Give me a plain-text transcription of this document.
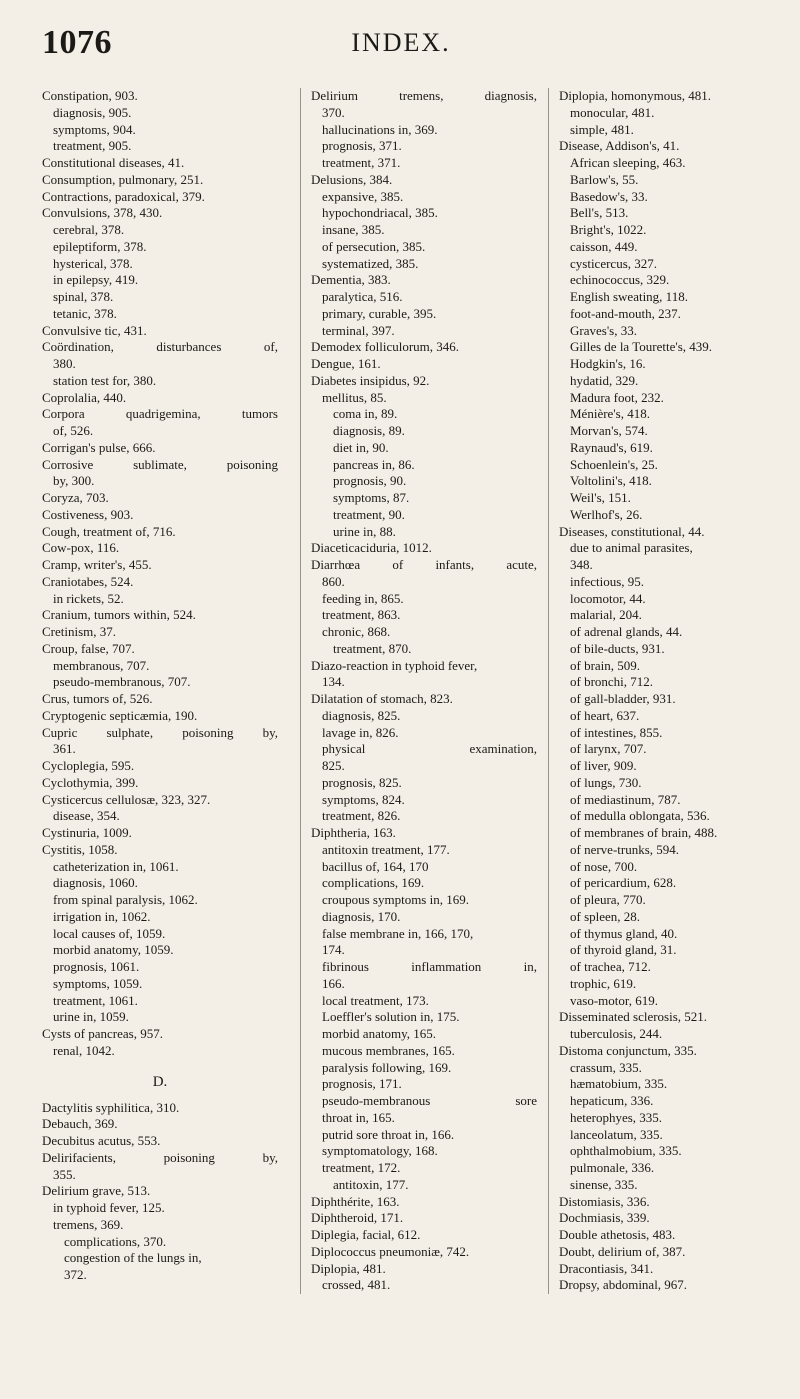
1076	INDEX.
Constipation, 903.
diagnosis, 905.
symptoms, 904.
treatment, 905.
Constitutional diseases, 41.
Consumption, pulmonary, 251.
Contractions, paradoxical, 379.
Convulsions, 378, 430.
cerebral, 378.
epileptiform, 378.
hysterical, 378.
in epilepsy, 419.
spinal, 378.
tetanic, 378.
Convulsive tic, 431.
Coördination,	disturbances	of,
380.
station test for, 380.
Coprolalia, 440.
Corpora	quadrigemina,	tumors
of, 526.
Corrigan's pulse, 666.
Corrosive	sublimate,	poisoning
by, 300.
Coryza, 703.
Costiveness, 903.
Cough, treatment of, 716.
Cow-pox, 116.
Cramp, writer's, 455.
Craniotabes, 524.
in rickets, 52.
Cranium, tumors within, 524.
Cretinism, 37.
Croup, false, 707.
membranous, 707.
pseudo-membranous, 707.
Crus, tumors of, 526.
Cryptogenic septicæmia, 190.
Cupric sulphate, poisoning by,
361.
Cycloplegia, 595.
Cyclothymia, 399.
Cysticercus cellulosæ, 323, 327.
disease, 354.
Cystinuria, 1009.
Cystitis, 1058.
catheterization in, 1061.
diagnosis, 1060.
from spinal paralysis, 1062.
irrigation in, 1062.
local causes of, 1059.
morbid anatomy, 1059.
prognosis, 1061.
symptoms, 1059.
treatment, 1061.
urine in, 1059.
Cysts of pancreas, 957.
renal, 1042.
D.
Dactylitis syphilitica, 310.
Debauch, 369.
Decubitus acutus, 553.
Delirifacients,	poisoning	by,
355.
Delirium grave, 513.
in typhoid fever, 125.
tremens, 369.
complications, 370.
congestion of the lungs in,
372.
Delirium	tremens,	diagnosis,
370.
hallucinations in, 369.
prognosis, 371.
treatment, 371.
Delusions, 384.
expansive, 385.
hypochondriacal, 385.
insane, 385.
of persecution, 385.
systematized, 385.
Dementia, 383.
paralytica, 516.
primary, curable, 395.
terminal, 397.
Demodex folliculorum, 346.
Dengue, 161.
Diabetes insipidus, 92.
mellitus, 85.
coma in, 89.
diagnosis, 89.
diet in, 90.
pancreas in, 86.
prognosis, 90.
symptoms, 87.
treatment, 90.
urine in, 88.
Diaceticaciduria, 1012.
Diarrhœa of infants, acute,
860.
feeding in, 865.
treatment, 863.
chronic, 868.
treatment, 870.
Diazo-reaction in typhoid fever,
134.
Dilatation of stomach, 823.
diagnosis, 825.
lavage in, 826.
physical	examination,
825.
prognosis, 825.
symptoms, 824.
treatment, 826.
Diphtheria, 163.
antitoxin treatment, 177.
bacillus of, 164, 170
complications, 169.
croupous symptoms in, 169.
diagnosis, 170.
false membrane in, 166, 170,
174.
fibrinous	inflammation	in,
166.
local treatment, 173.
Loeffler's solution in, 175.
morbid anatomy, 165.
mucous membranes, 165.
paralysis following, 169.
prognosis, 171.
pseudo-membranous	sore
throat in, 165.
putrid sore throat in, 166.
symptomatology, 168.
treatment, 172.
antitoxin, 177.
Diphthérite, 163.
Diphtheroid, 171.
Diplegia, facial, 612.
Diplococcus pneumoniæ, 742.
Diplopia, 481.
crossed, 481.
Diplopia, homonymous, 481.
monocular, 481.
simple, 481.
Disease, Addison's, 41.
African sleeping, 463.
Barlow's, 55.
Basedow's, 33.
Bell's, 513.
Bright's, 1022.
caisson, 449.
cysticercus, 327.
echinococcus, 329.
English sweating, 118.
foot-and-mouth, 237.
Graves's, 33.
Gilles de la Tourette's, 439.
Hodgkin's, 16.
hydatid, 329.
Madura foot, 232.
Ménière's, 418.
Morvan's, 574.
Raynaud's, 619.
Schoenlein's, 25.
Voltolini's, 418.
Weil's, 151.
Werlhof's, 26.
Diseases, constitutional, 44.
due to animal parasites,
348.
infectious, 95.
locomotor, 44.
malarial, 204.
of adrenal glands, 44.
of bile-ducts, 931.
of brain, 509.
of bronchi, 712.
of gall-bladder, 931.
of heart, 637.
of intestines, 855.
of larynx, 707.
of liver, 909.
of lungs, 730.
of mediastinum, 787.
of medulla oblongata, 536.
of membranes of brain, 488.
of nerve-trunks, 594.
of nose, 700.
of pericardium, 628.
of pleura, 770.
of spleen, 28.
of thymus gland, 40.
of thyroid gland, 31.
of trachea, 712.
trophic, 619.
vaso-motor, 619.
Disseminated sclerosis, 521.
tuberculosis, 244.
Distoma conjunctum, 335.
crassum, 335.
hæmatobium, 335.
hepaticum, 336.
heterophyes, 335.
lanceolatum, 335.
ophthalmobium, 335.
pulmonale, 336.
sinense, 335.
Distomiasis, 336.
Dochmiasis, 339.
Double athetosis, 483.
Doubt, delirium of, 387.
Dracontiasis, 341.
Dropsy, abdominal, 967.
